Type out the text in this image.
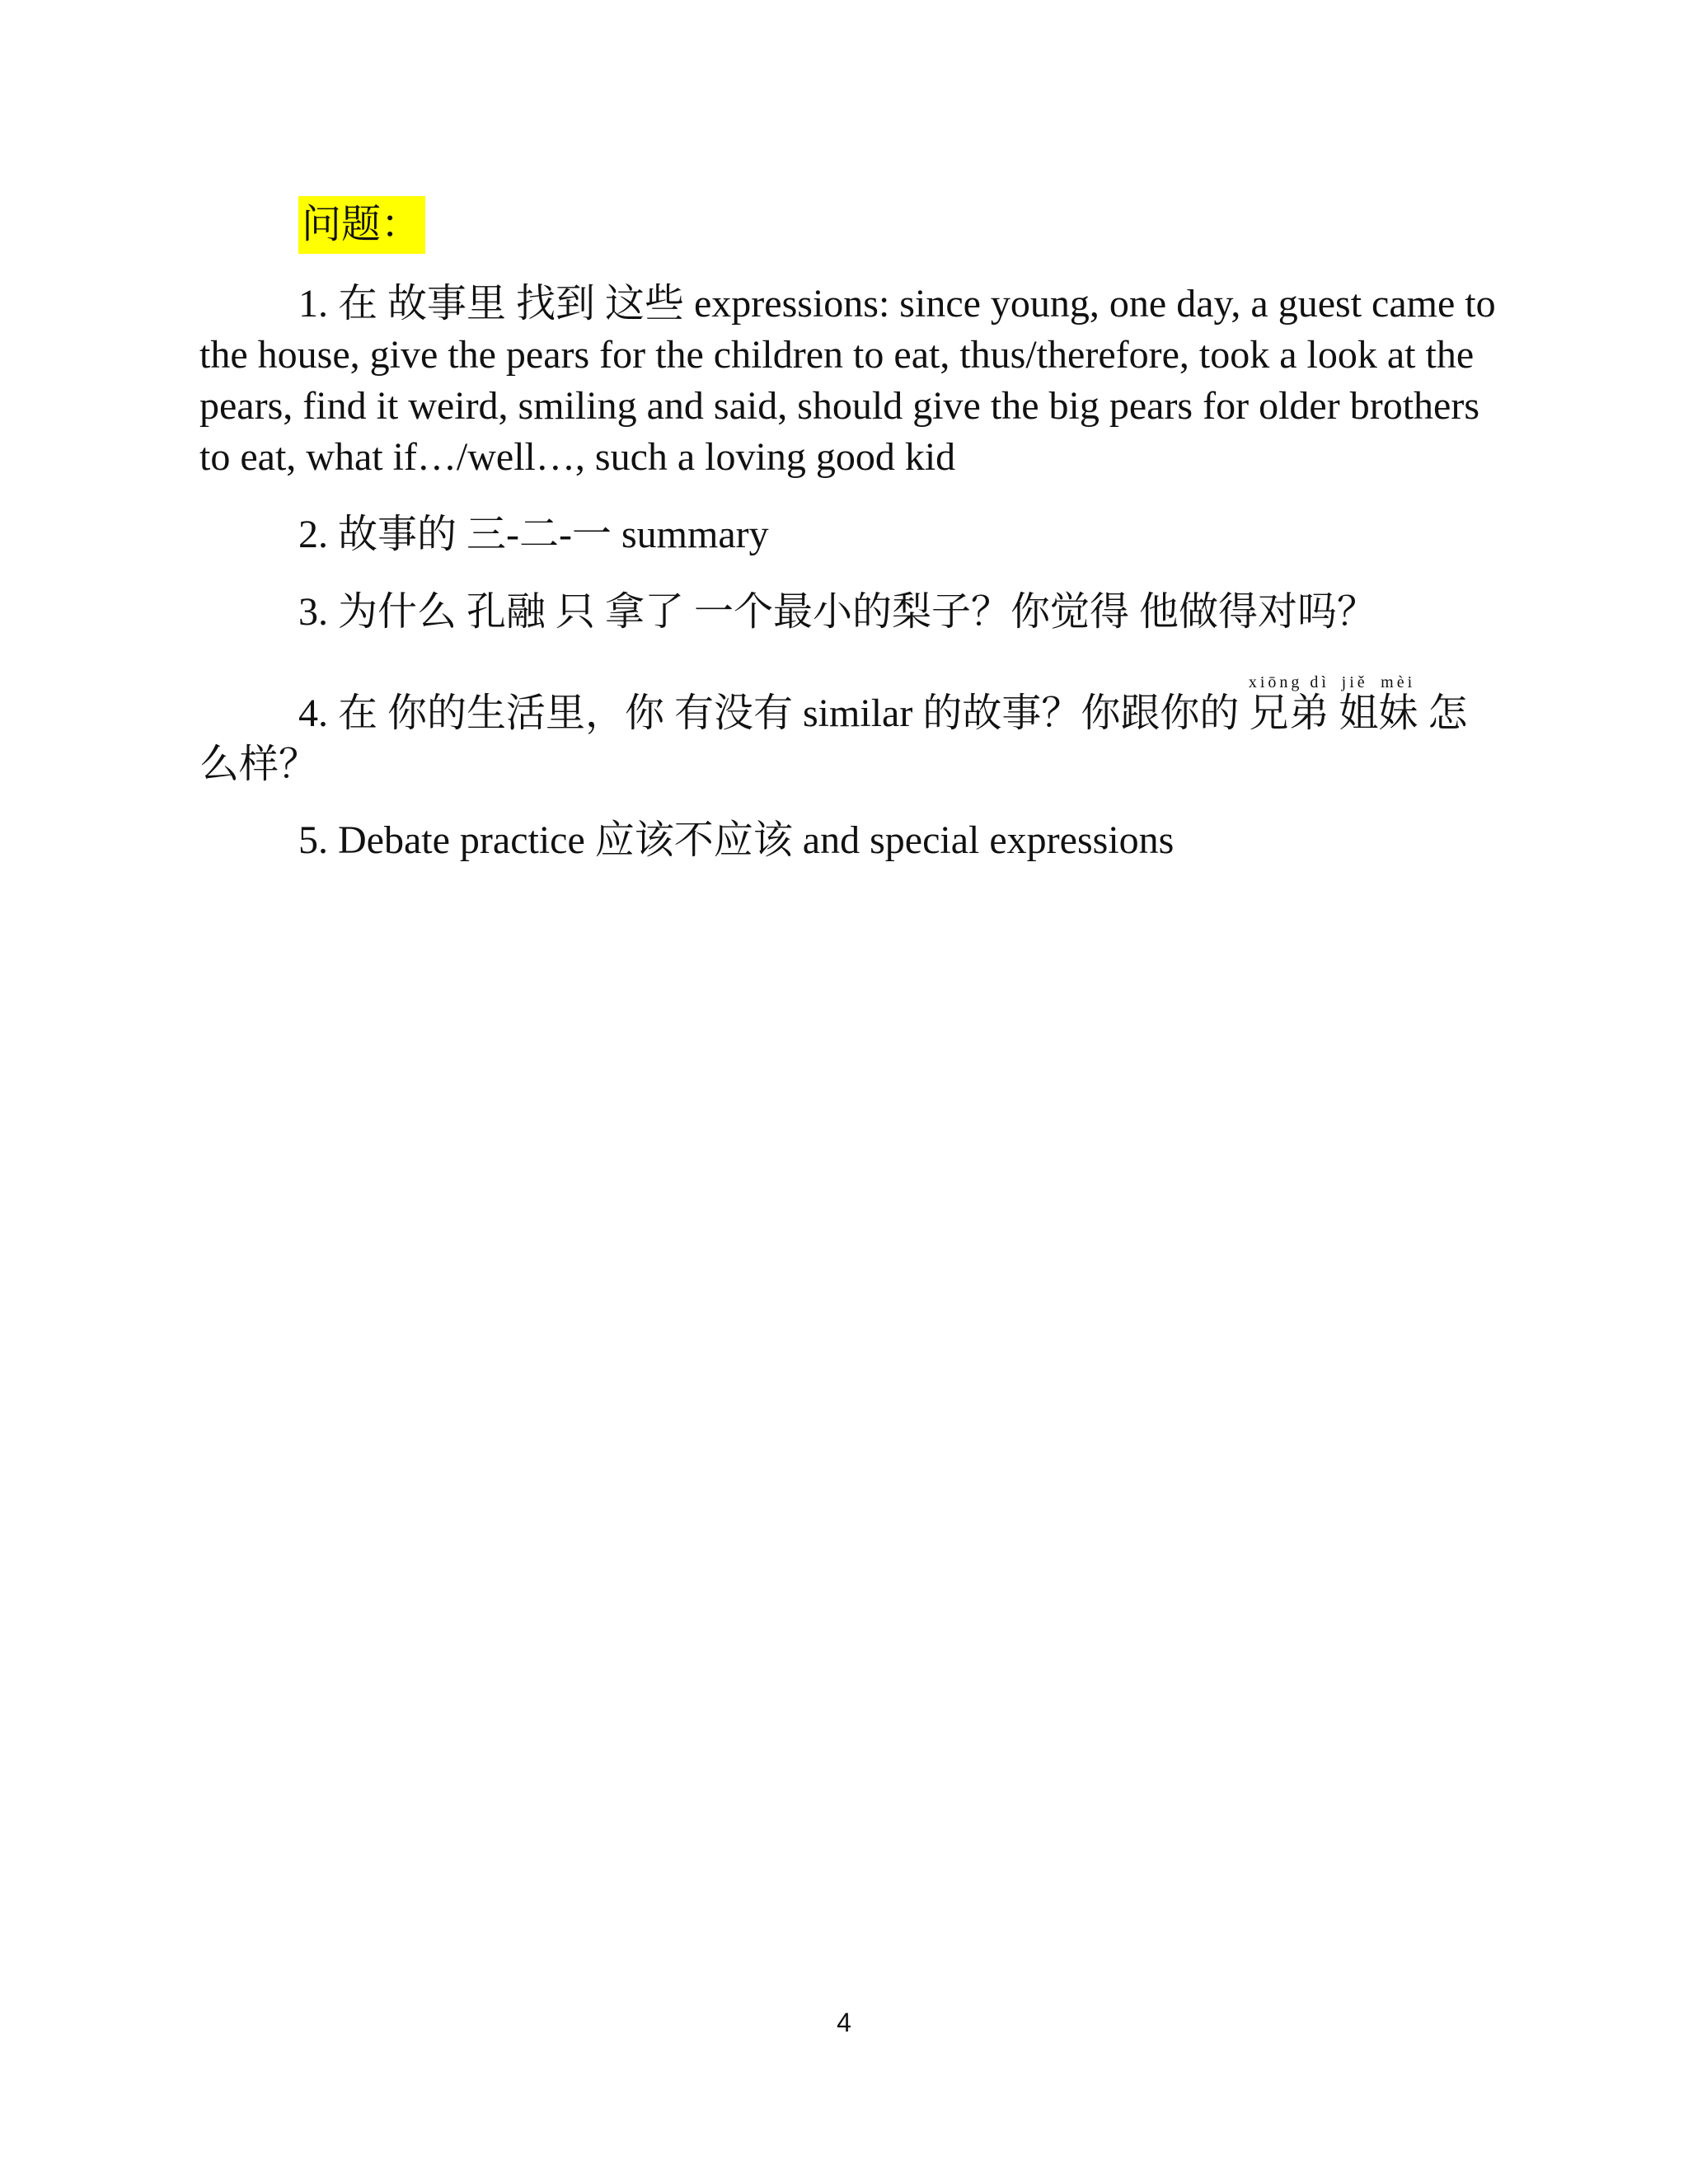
问题：

1. 在 故事里 找到 这些 expressions: since young, one day, a guest came to the house, give the pears for the children to eat, thus/therefore, took a look at the pears, find it weird, smiling and said, should give the big pears for older brothers to eat, what if…/well…, such a loving good kid

2. 故事的 三-二-一 summary

3. 为什么 孔融 只 拿了 一个最小的梨子？你觉得 他做得对吗？

4. 在 你的生活里，你 有没有 similar 的故事？你跟你的 兄弟xiōng dì 姐妹jiě mèi 怎么样？

5. Debate practice 应该不应该 and special expressions

4
